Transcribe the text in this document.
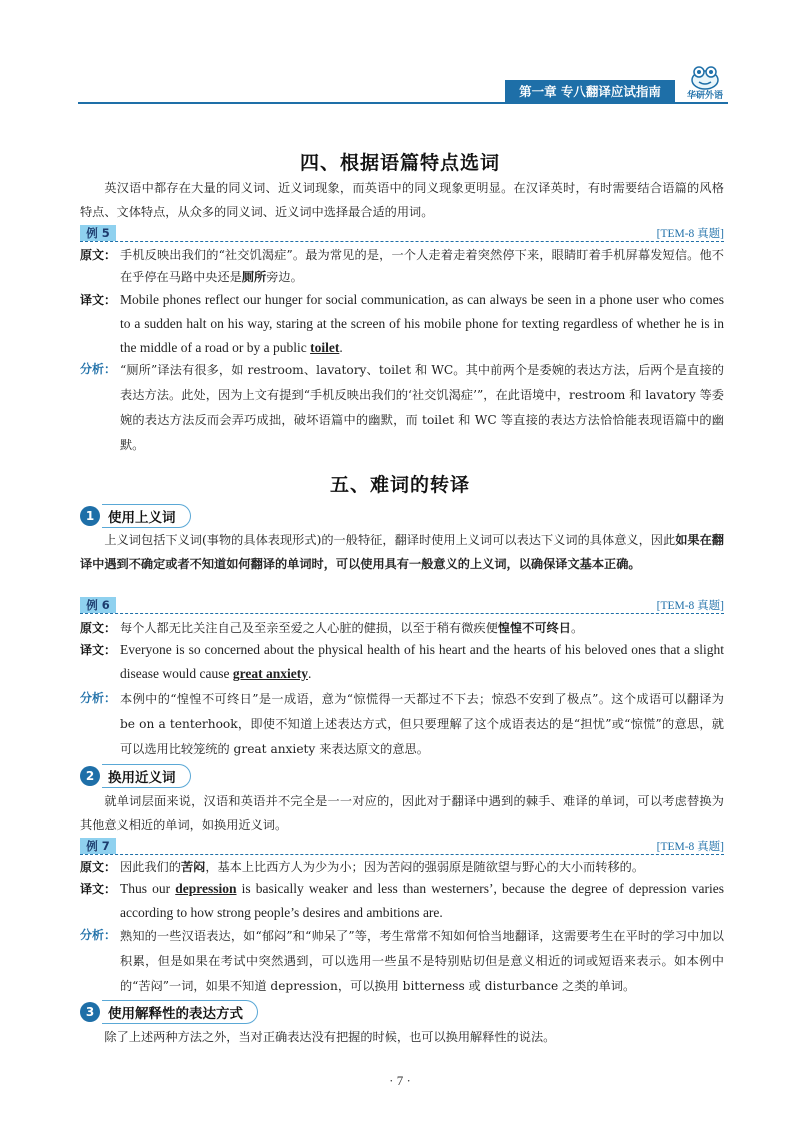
第一章 专八翻译应试指南	华研外语
四、根据语篇特点选词
英汉语中都存在大量的同义词、近义词现象，而英语中的同义现象更明显。在汉译英时，有时需要结合语篇的风格特点、文体特点，从众多的同义词、近义词中选择最合适的用词。
例 5	[TEM-8 真题]
原文： 手机反映出我们的“社交饥渴症”。最为常见的是，一个人走着走着突然停下来，眼睛盯着手机屏幕发短信。他不在乎停在马路中央还是厕所旁边。
译文： Mobile phones reflect our hunger for social communication, as can always be seen in a phone user who comes to a sudden halt on his way, staring at the screen of his mobile phone for texting regardless of whether he is in the middle of a road or by a public toilet.
分析： “厕所”译法有很多，如 restroom、lavatory、toilet 和 WC。其中前两个是委婉的表达方法，后两个是直接的表达方法。此处，因为上文有提到“手机反映出我们的‘社交饥渴症’”，在此语境中，restroom 和 lavatory 等委婉的表达方法反而会弄巧成拙，破坏语篇中的幽默，而 toilet 和 WC 等直接的表达方法恰恰能表现语篇中的幽默。
五、难词的转译
1	使用上义词
上义词包括下义词(事物的具体表现形式)的一般特征，翻译时使用上义词可以表达下义词的具体意义，因此如果在翻译中遇到不确定或者不知道如何翻译的单词时，可以使用具有一般意义的上义词，以确保译文基本正确。
例 6	[TEM-8 真题]
原文： 每个人都无比关注自己及至亲至爱之人心脏的健损，以至于稍有微疾便惶惶不可终日。
译文： Everyone is so concerned about the physical health of his heart and the hearts of his beloved ones that a slight disease would cause great anxiety.
分析： 本例中的“惶惶不可终日”是一成语，意为“惊慌得一天都过不下去；惊恐不安到了极点”。这个成语可以翻译为 be on a tenterhook，即使不知道上述表达方式，但只要理解了这个成语表达的是“担忧”或“惊慌”的意思，就可以选用比较笼统的 great anxiety 来表达原文的意思。
2	换用近义词
就单词层面来说，汉语和英语并不完全是一一对应的，因此对于翻译中遇到的棘手、难译的单词，可以考虑替换为其他意义相近的单词，如换用近义词。
例 7	[TEM-8 真题]
原文： 因此我们的苦闷，基本上比西方人为少为小；因为苦闷的强弱原是随欲望与野心的大小而转移的。
译文： Thus our depression is basically weaker and less than westerners’, because the degree of depression varies according to how strong people’s desires and ambitions are.
分析： 熟知的一些汉语表达，如“郁闷”和“帅呆了”等，考生常常不知如何恰当地翻译，这需要考生在平时的学习中加以积累，但是如果在考试中突然遇到，可以选用一些虽不是特别贴切但是意义相近的词或短语来表示。如本例中的“苦闷”一词，如果不知道 depression，可以换用 bitterness 或 disturbance 之类的单词。
3	使用解释性的表达方式
除了上述两种方法之外，当对正确表达没有把握的时候，也可以换用解释性的说法。
· 7 ·
